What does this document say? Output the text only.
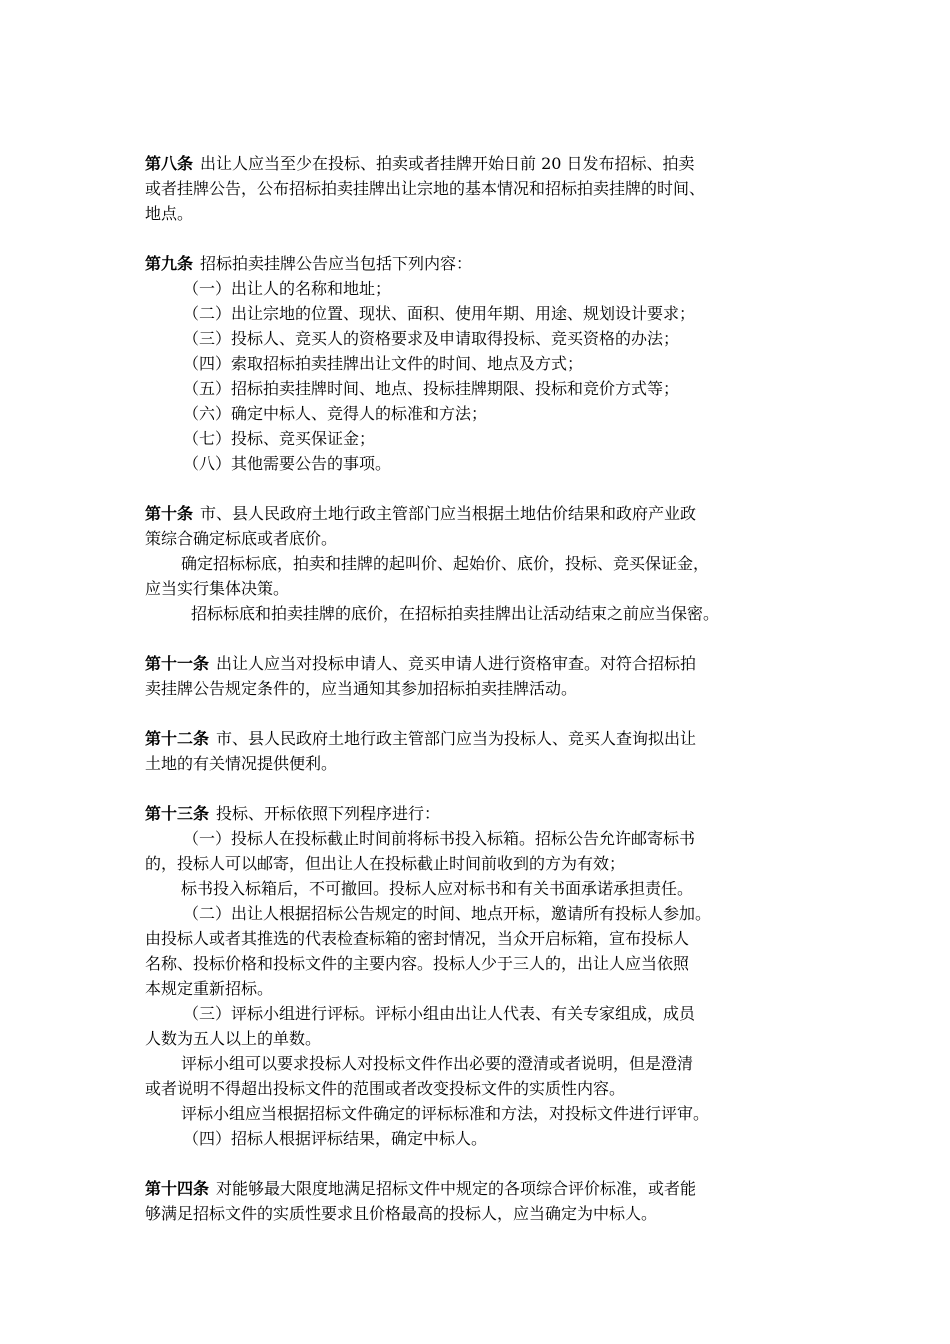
第八条 出让人应当至少在投标、拍卖或者挂牌开始日前 20 日发布招标、拍卖
或者挂牌公告，公布招标拍卖挂牌出让宗地的基本情况和招标拍卖挂牌的时间、
地点。
第九条 招标拍卖挂牌公告应当包括下列内容：
（一）出让人的名称和地址；
（二）出让宗地的位置、现状、面积、使用年期、用途、规划设计要求；
（三）投标人、竞买人的资格要求及申请取得投标、竞买资格的办法；
（四）索取招标拍卖挂牌出让文件的时间、地点及方式；
（五）招标拍卖挂牌时间、地点、投标挂牌期限、投标和竞价方式等；
（六）确定中标人、竞得人的标准和方法；
（七）投标、竞买保证金；
（八）其他需要公告的事项。
第十条 市、县人民政府土地行政主管部门应当根据土地估价结果和政府产业政
策综合确定标底或者底价。
确定招标标底，拍卖和挂牌的起叫价、起始价、底价，投标、竞买保证金，
应当实行集体决策。
招标标底和拍卖挂牌的底价，在招标拍卖挂牌出让活动结束之前应当保密。
第十一条 出让人应当对投标申请人、竞买申请人进行资格审查。对符合招标拍
卖挂牌公告规定条件的，应当通知其参加招标拍卖挂牌活动。
第十二条 市、县人民政府土地行政主管部门应当为投标人、竞买人查询拟出让
土地的有关情况提供便利。
第十三条 投标、开标依照下列程序进行：
（一）投标人在投标截止时间前将标书投入标箱。招标公告允许邮寄标书
的，投标人可以邮寄，但出让人在投标截止时间前收到的方为有效；
标书投入标箱后，不可撤回。投标人应对标书和有关书面承诺承担责任。
（二）出让人根据招标公告规定的时间、地点开标，邀请所有投标人参加。
由投标人或者其推选的代表检查标箱的密封情况，当众开启标箱，宣布投标人
名称、投标价格和投标文件的主要内容。投标人少于三人的，出让人应当依照
本规定重新招标。
（三）评标小组进行评标。评标小组由出让人代表、有关专家组成，成员
人数为五人以上的单数。
评标小组可以要求投标人对投标文件作出必要的澄清或者说明，但是澄清
或者说明不得超出投标文件的范围或者改变投标文件的实质性内容。
评标小组应当根据招标文件确定的评标标准和方法，对投标文件进行评审。
（四）招标人根据评标结果，确定中标人。
第十四条 对能够最大限度地满足招标文件中规定的各项综合评价标准，或者能
够满足招标文件的实质性要求且价格最高的投标人，应当确定为中标人。
